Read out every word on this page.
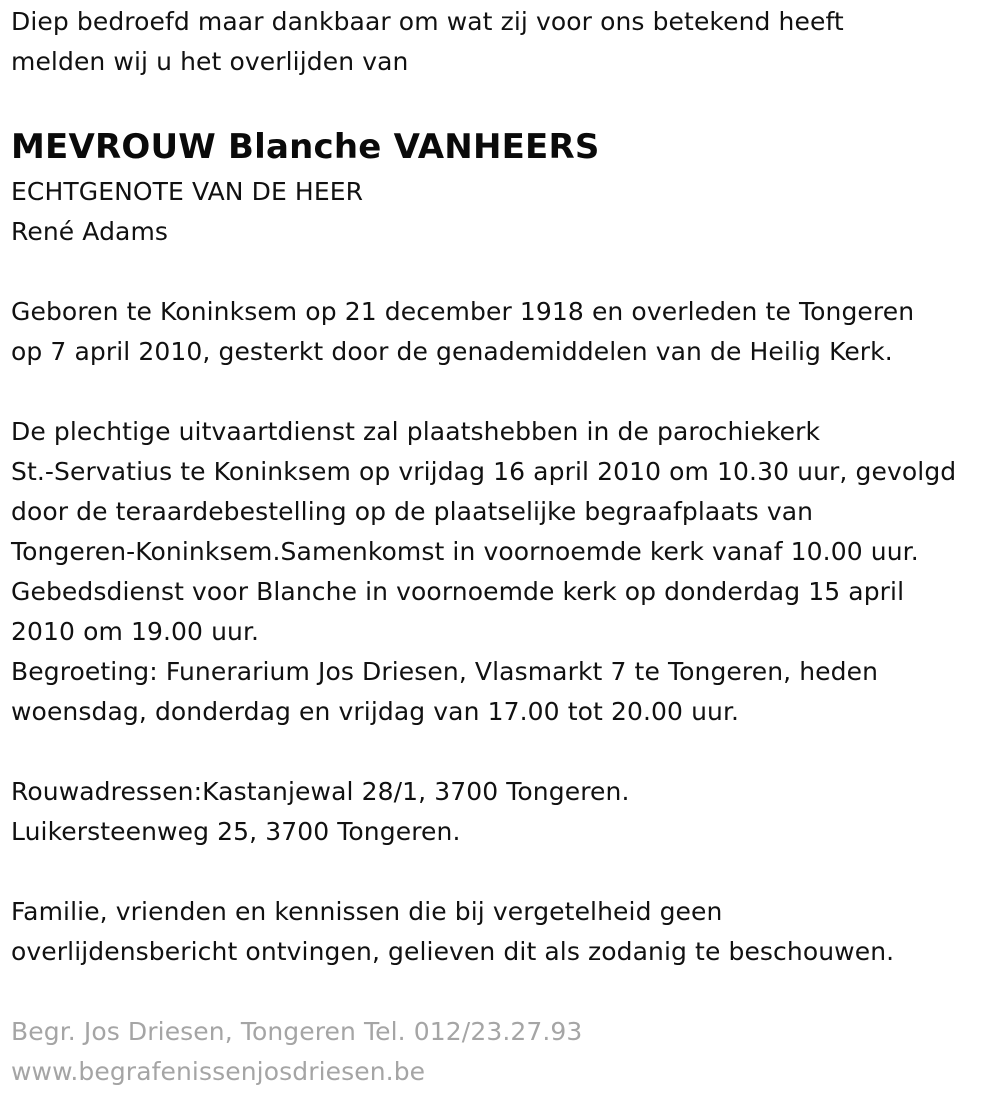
Diep bedroefd maar dankbaar om wat zij voor ons betekend heeft
melden wij u het overlijden van
MEVROUW Blanche VANHEERS
ECHTGENOTE VAN DE HEER
René Adams
Geboren te Koninksem op 21 december 1918 en overleden te Tongeren
op 7 april 2010, gesterkt door de genademiddelen van de Heilig Kerk.
De plechtige uitvaartdienst zal plaatshebben in de parochiekerk
St.-Servatius te Koninksem op vrijdag 16 april 2010 om 10.30 uur, gevolgd
door de teraardebestelling op de plaatselijke begraafplaats van
Tongeren-Koninksem.Samenkomst in voornoemde kerk vanaf 10.00 uur.
Gebedsdienst voor Blanche in voornoemde kerk op donderdag 15 april
2010 om 19.00 uur.
Begroeting: Funerarium Jos Driesen, Vlasmarkt 7 te Tongeren, heden
woensdag, donderdag en vrijdag van 17.00 tot 20.00 uur.
Rouwadressen:Kastanjewal 28/1, 3700 Tongeren.
Luikersteenweg 25, 3700 Tongeren.
Familie, vrienden en kennissen die bij vergetelheid geen
overlijdensbericht ontvingen, gelieven dit als zodanig te beschouwen.
Begr. Jos Driesen, Tongeren Tel. 012/23.27.93
www.begrafenissenjosdriesen.be
